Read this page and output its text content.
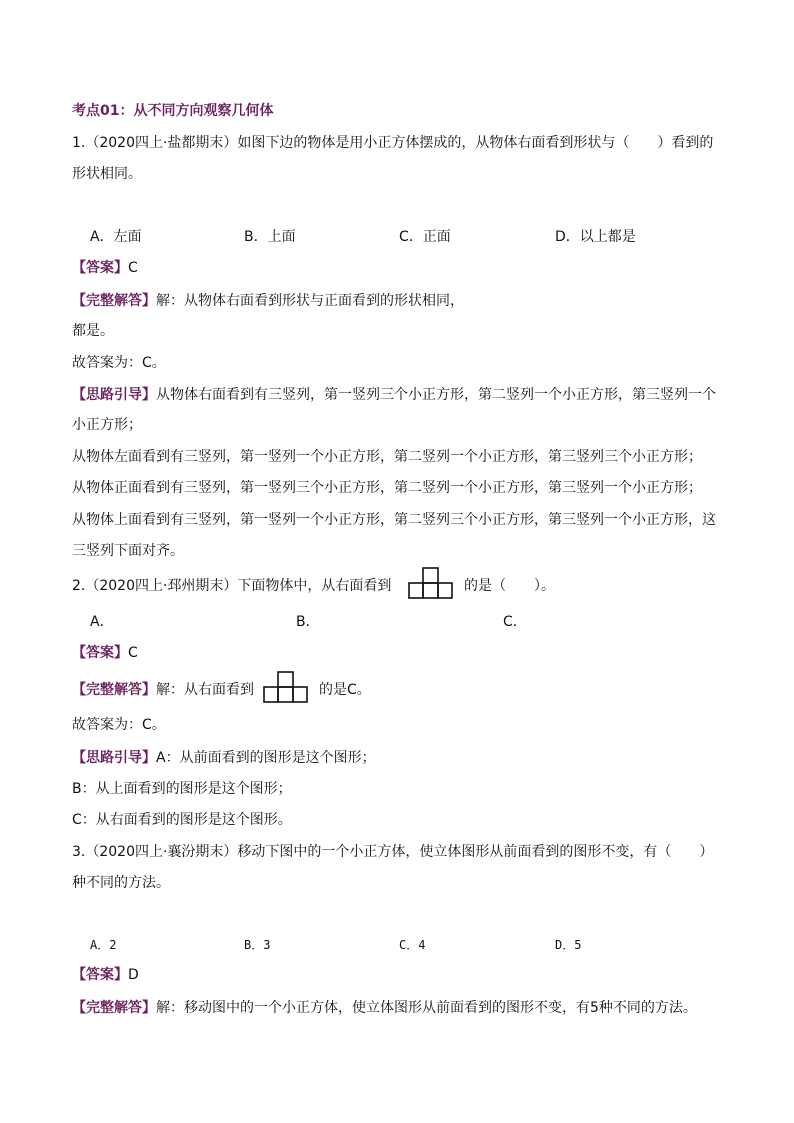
考点01：从不同方向观察几何体
1.（2020四上·盐都期末）如图下边的物体是用小正方体摆成的，从物体右面看到形状与（　　）看到的
形状相同。
A．左面	B．上面	C．正面	D．以上都是
【答案】C
【完整解答】解：从物体右面看到形状与正面看到的形状相同，
都是。
故答案为：C。
【思路引导】从物体右面看到有三竖列，第一竖列三个小正方形，第二竖列一个小正方形，第三竖列一个
小正方形；
从物体左面看到有三竖列，第一竖列一个小正方形，第二竖列一个小正方形，第三竖列三个小正方形；
从物体正面看到有三竖列，第一竖列三个小正方形，第二竖列一个小正方形，第三竖列一个小正方形；
从物体上面看到有三竖列，第一竖列一个小正方形，第二竖列三个小正方形，第三竖列一个小正方形，这
三竖列下面对齐。
2.（2020四上·邳州期末）下面物体中，从右面看到	的是（　　）。
A．	B．	C．
【答案】C
【完整解答】解：从右面看到	的是C。
故答案为：C。
【思路引导】A：从前面看到的图形是这个图形；
B：从上面看到的图形是这个图形；
C：从右面看到的图形是这个图形。
3.（2020四上·襄汾期末）移动下图中的一个小正方体，使立体图形从前面看到的图形不变，有（　　）
种不同的方法。
A．2	B．3	C．4	D．5
【答案】D
【完整解答】解：移动图中的一个小正方体，使立体图形从前面看到的图形不变，有5种不同的方法。
